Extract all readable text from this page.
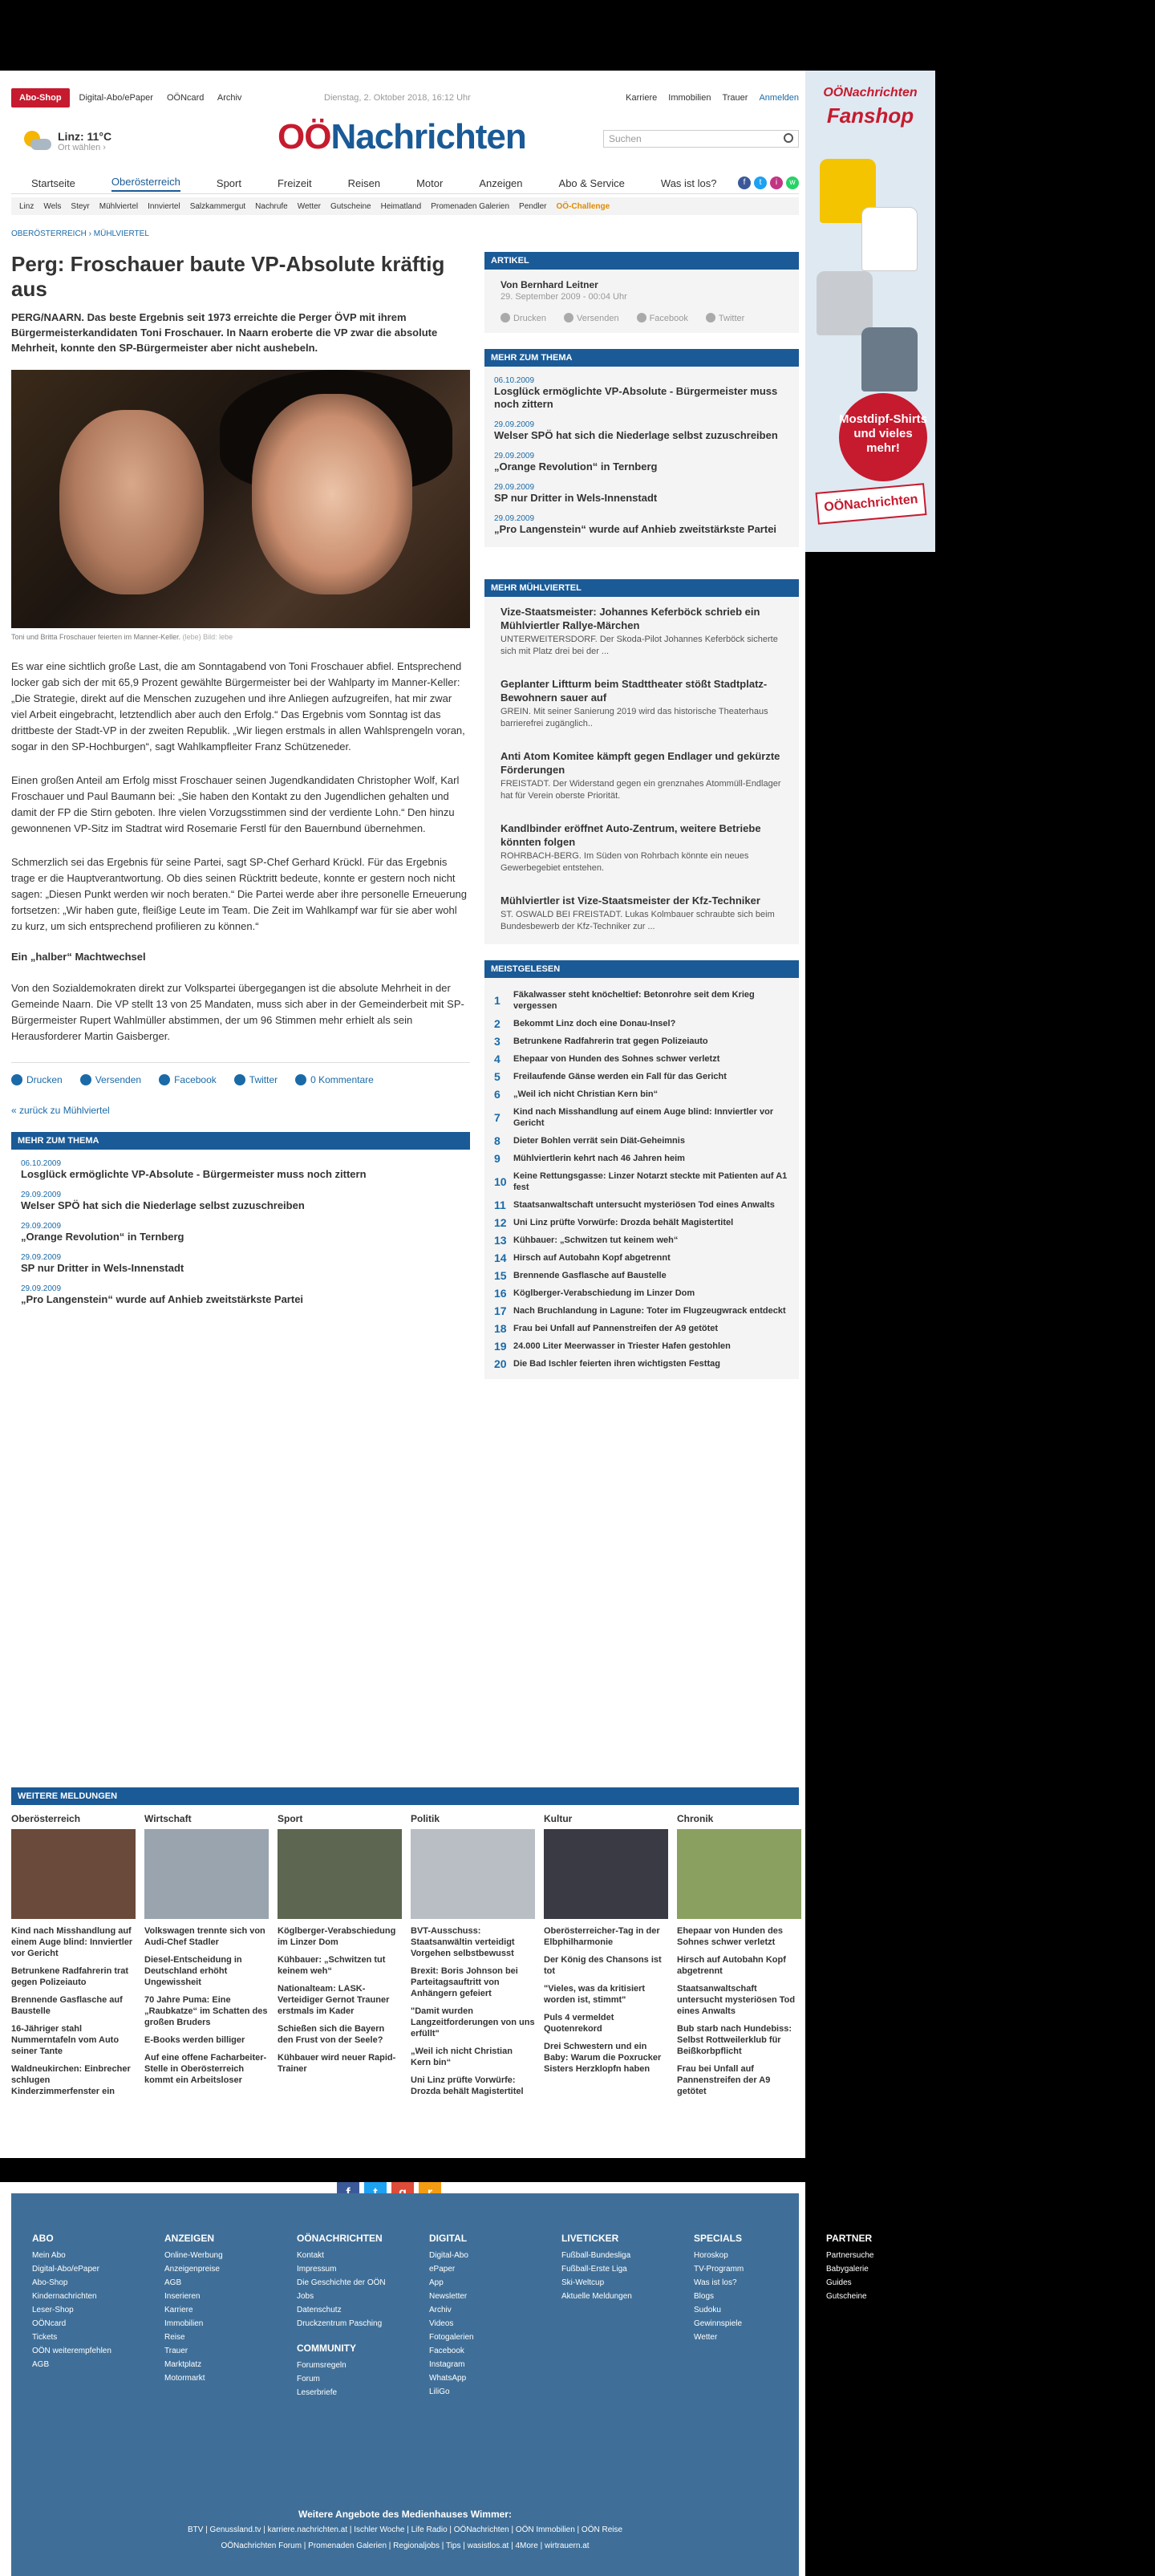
Abo-Shop	Digital-Abo/ePaper OÖNcard Archiv	Dienstag, 2. Oktober 2018, 16:12 Uhr	Karriere Immobilien Trauer Anmelden
Linz: 11°C
Ort wählen ›	OÖNachrichten	Suchen
Startseite	Oberösterreich	Sport	Freizeit	Reisen	Motor	Anzeigen	Abo & Service	Was ist los?	f	t	i	w
Linz Wels Steyr Mühlviertel Innviertel Salzkammergut Nachrufe Wetter Gutscheine Heimatland Promenaden Galerien Pendler OÖ-Challenge
OBERÖSTERREICH › MÜHLVIERTEL
Perg: Froschauer baute VP-Absolute kräftig aus

PERG/NAARN. Das beste Ergebnis seit 1973 erreichte die Perger ÖVP mit ihrem Bürgermeisterkandidaten Toni Froschauer. In Naarn eroberte die VP zwar die absolute Mehrheit, konnte den SP-Bürgermeister aber nicht aushebeln.

Toni und Britta Froschauer feierten im Manner-Keller. (lebe) Bild: lebe

Es war eine sichtlich große Last, die am Sonntagabend von Toni Froschauer abfiel. Entsprechend locker gab sich der mit 65,9 Prozent gewählte Bürgermeister bei der Wahlparty im Manner-Keller: „Die Strategie, direkt auf die Menschen zuzugehen und ihre Anliegen aufzugreifen, hat mir zwar viel Arbeit eingebracht, letztendlich aber auch den Erfolg.“ Das Ergebnis vom Sonntag ist das drittbeste der Stadt-VP in der zweiten Republik. „Wir liegen erstmals in allen Wahlsprengeln voran, sogar in den SP-Hochburgen“, sagt Wahlkampfleiter Franz Schützeneder.

Einen großen Anteil am Erfolg misst Froschauer seinen Jugendkandidaten Christopher Wolf, Karl Froschauer und Paul Baumann bei: „Sie haben den Kontakt zu den Jugendlichen gehalten und damit der FP die Stirn geboten. Ihre vielen Vorzugsstimmen sind der verdiente Lohn.“ Den hinzu gewonnenen VP-Sitz im Stadtrat wird Rosemarie Ferstl für den Bauernbund übernehmen.

Schmerzlich sei das Ergebnis für seine Partei, sagt SP-Chef Gerhard Krückl. Für das Ergebnis trage er die Hauptverantwortung. Ob dies seinen Rücktritt bedeute, konnte er gestern noch nicht sagen: „Diesen Punkt werden wir noch beraten.“ Die Partei werde aber ihre personelle Erneuerung fortsetzen: „Wir haben gute, fleißige Leute im Team. Die Zeit im Wahlkampf war für sie aber wohl zu kurz, um sich entsprechend profilieren zu können.“

Ein „halber“ Machtwechsel

Von den Sozialdemokraten direkt zur Volkspartei übergegangen ist die absolute Mehrheit in der Gemeinde Naarn. Die VP stellt 13 von 25 Mandaten, muss sich aber in der Gemeinderbeit mit SP-Bürgermeister Rupert Wahlmüller abstimmen, der um 96 Stimmen mehr erhielt als sein Herausforderer Martin Gaisberger.

Drucken	Versenden	Facebook	Twitter	0 Kommentare

« zurück zu Mühlviertel

MEHR ZUM THEMA
06.10.2009
Losglück ermöglichte VP-Absolute - Bürgermeister muss noch zittern
29.09.2009
Welser SPÖ hat sich die Niederlage selbst zuzuschreiben
29.09.2009
„Orange Revolution“ in Ternberg
29.09.2009
SP nur Dritter in Wels-Innenstadt
29.09.2009
„Pro Langenstein“ wurde auf Anhieb zweitstärkste Partei
ARTIKEL
Von Bernhard Leitner
29. September 2009 - 00:04 Uhr
Drucken	Versenden	Facebook	Twitter
MEHR ZUM THEMA
06.10.2009
Losglück ermöglichte VP-Absolute - Bürgermeister muss noch zittern
29.09.2009
Welser SPÖ hat sich die Niederlage selbst zuzuschreiben
29.09.2009
„Orange Revolution“ in Ternberg
29.09.2009
SP nur Dritter in Wels-Innenstadt
29.09.2009
„Pro Langenstein“ wurde auf Anhieb zweitstärkste Partei
MEHR MÜHLVIERTEL
Vize-Staatsmeister: Johannes Keferböck schrieb ein Mühlviertler Rallye-Märchen
UNTERWEITERSDORF. Der Skoda-Pilot Johannes Keferböck sicherte sich mit Platz drei bei der ...
Geplanter Liftturm beim Stadttheater stößt Stadtplatz-Bewohnern sauer auf
GREIN. Mit seiner Sanierung 2019 wird das historische Theaterhaus barrierefrei zugänglich..
Anti Atom Komitee kämpft gegen Endlager und gekürzte Förderungen
FREISTADT. Der Widerstand gegen ein grenznahes Atommüll-Endlager hat für Verein oberste Priorität.
Kandlbinder eröffnet Auto-Zentrum, weitere Betriebe könnten folgen
ROHRBACH-BERG. Im Süden von Rohrbach könnte ein neues Gewerbegebiet entstehen.
Mühlviertler ist Vize-Staatsmeister der Kfz-Techniker
ST. OSWALD BEI FREISTADT. Lukas Kolmbauer schraubte sich beim Bundesbewerb der Kfz-Techniker zur ...
MEISTGELESEN
1	Fäkalwasser steht knöcheltief: Betonrohre seit dem Krieg vergessen
2	Bekommt Linz doch eine Donau-Insel?
3	Betrunkene Radfahrerin trat gegen Polizeiauto
4	Ehepaar von Hunden des Sohnes schwer verletzt
5	Freilaufende Gänse werden ein Fall für das Gericht
6	„Weil ich nicht Christian Kern bin“
7	Kind nach Misshandlung auf einem Auge blind: Innviertler vor Gericht
8	Dieter Bohlen verrät sein Diät-Geheimnis
9	Mühlviertlerin kehrt nach 46 Jahren heim
10 Keine Rettungsgasse: Linzer Notarzt steckte mit Patienten auf A1 fest
11 Staatsanwaltschaft untersucht mysteriösen Tod eines Anwalts
12 Uni Linz prüfte Vorwürfe: Drozda behält Magistertitel
13 Kühbauer: „Schwitzen tut keinem weh“
14 Hirsch auf Autobahn Kopf abgetrennt
15 Brennende Gasflasche auf Baustelle
16 Köglberger-Verabschiedung im Linzer Dom
17 Nach Bruchlandung in Lagune: Toter im Flugzeugwrack entdeckt
18 Frau bei Unfall auf Pannenstreifen der A9 getötet
19 24.000 Liter Meerwasser in Triester Hafen gestohlen
20 Die Bad Ischler feierten ihren wichtigsten Festtag
WEITERE MELDUNGEN
Oberösterreich
Kind nach Misshandlung auf einem Auge blind: Innviertler vor Gericht
Betrunkene Radfahrerin trat gegen Polizeiauto
Brennende Gasflasche auf Baustelle
16-Jähriger stahl Nummerntafeln vom Auto seiner Tante
Waldneukirchen: Einbrecher schlugen Kinderzimmerfenster ein
Wirtschaft
Volkswagen trennte sich von Audi-Chef Stadler
Diesel-Entscheidung in Deutschland erhöht Ungewissheit
70 Jahre Puma: Eine „Raubkatze“ im Schatten des großen Bruders
E-Books werden billiger
Auf eine offene Facharbeiter-Stelle in Oberösterreich kommt ein Arbeitsloser
Sport
Köglberger-Verabschiedung im Linzer Dom
Kühbauer: „Schwitzen tut keinem weh“
Nationalteam: LASK-Verteidiger Gernot Trauner erstmals im Kader
Schießen sich die Bayern den Frust von der Seele?
Kühbauer wird neuer Rapid-Trainer
Politik
BVT-Ausschuss: Staatsanwältin verteidigt Vorgehen selbstbewusst
Brexit: Boris Johnson bei Parteitagsauftritt von Anhängern gefeiert
"Damit wurden Langzeitforderungen von uns erfüllt"
„Weil ich nicht Christian Kern bin“
Uni Linz prüfte Vorwürfe: Drozda behält Magistertitel
Kultur
Oberösterreicher-Tag in der Elbphilharmonie
Der König des Chansons ist tot
"Vieles, was da kritisiert worden ist, stimmt"
Puls 4 vermeldet Quotenrekord
Drei Schwestern und ein Baby: Warum die Poxrucker Sisters Herzklopfn haben
Chronik
Ehepaar von Hunden des Sohnes schwer verletzt
Hirsch auf Autobahn Kopf abgetrennt
Staatsanwaltschaft untersucht mysteriösen Tod eines Anwalts
Bub starb nach Hundebiss: Selbst Rottweilerklub für Beißkorbpflicht
Frau bei Unfall auf Pannenstreifen der A9 getötet
ABO
Mein Abo
Digital-Abo/ePaper
Abo-Shop
Kindernachrichten
Leser-Shop
OÖNcard
Tickets
OÖN weiterempfehlen
AGB
ANZEIGEN
Online-Werbung
Anzeigenpreise
AGB
Inserieren
Karriere
Immobilien
Reise
Trauer
Marktplatz
Motormarkt
OÖNACHRICHTEN
Kontakt
Impressum
Die Geschichte der OÖN
Jobs
Datenschutz
Druckzentrum Pasching
COMMUNITY
Forumsregeln
Forum
Leserbriefe
DIGITAL
Digital-Abo
ePaper
App
Newsletter
Archiv
Videos
Fotogalerien
Facebook
Instagram
WhatsApp
LiliGo
LIVETICKER
Fußball-Bundesliga
Fußball-Erste Liga
Ski-Weltcup
Aktuelle Meldungen
SPECIALS
Horoskop
TV-Programm
Was ist los?
Blogs
Sudoku
Gewinnspiele
Wetter
PARTNER
Partnersuche
Babygalerie
Guides
Gutscheine
Weitere Angebote des Medienhauses Wimmer:
BTV | Genussland.tv | karriere.nachrichten.at | Ischler Woche | Life Radio | OÖNachrichten | OÖN Immobilien | OÖN Reise
OÖNachrichten Forum | Promenaden Galerien | Regionaljobs | Tips | wasistlos.at | 4More | wirtrauern.at
OÖNachrichten
Fanshop
Mostdipf-Shirts und vieles mehr!
OÖNachrichten
